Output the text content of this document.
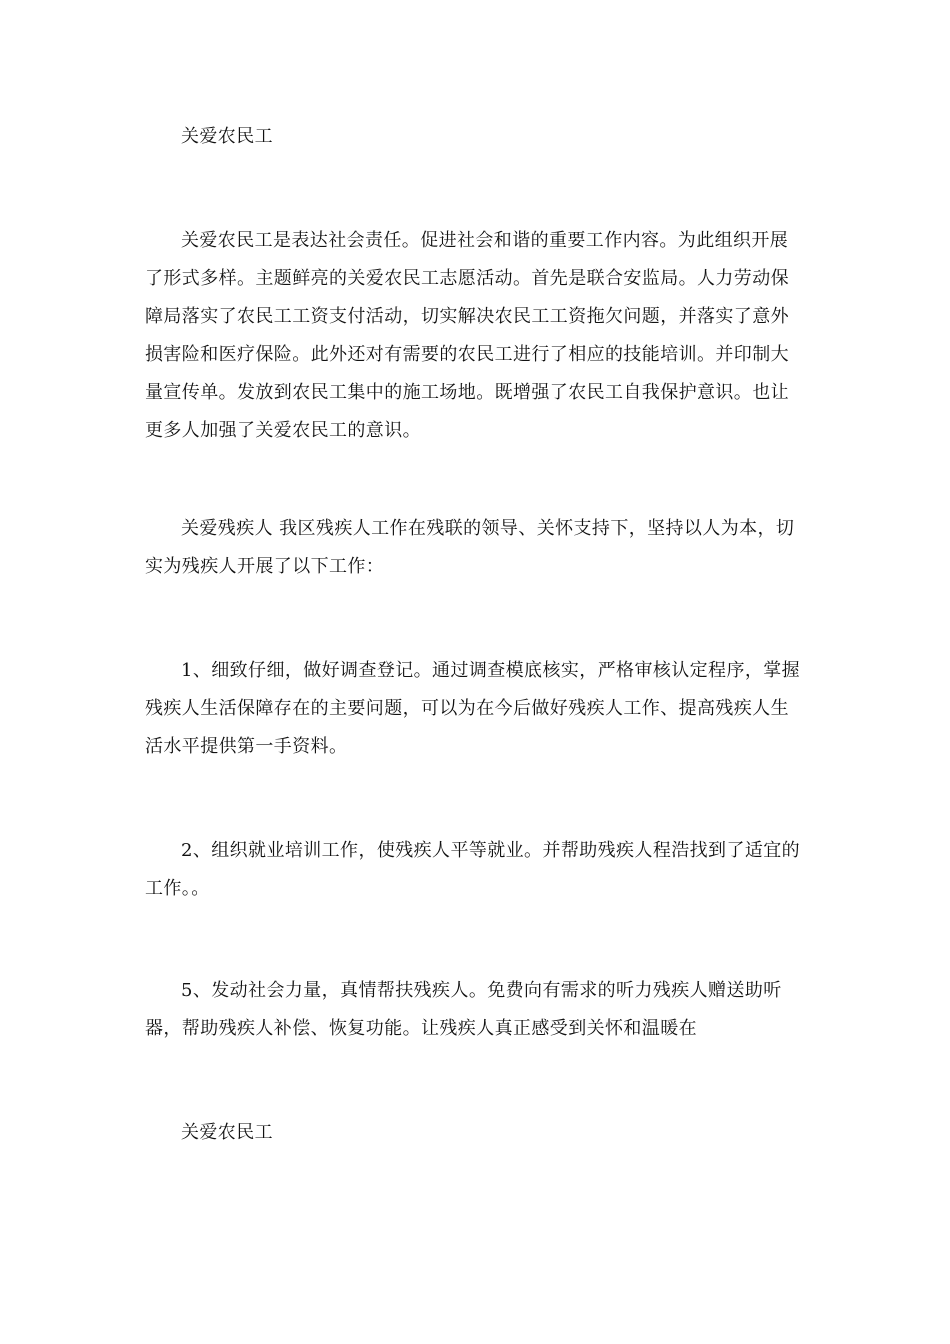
关爱农民工

关爱农民工是表达社会责任。促进社会和谐的重要工作内容。为此组织开展了形式多样。主题鲜亮的关爱农民工志愿活动。首先是联合安监局。人力劳动保障局落实了农民工工资支付活动，切实解决农民工工资拖欠问题，并落实了意外损害险和医疗保险。此外还对有需要的农民工进行了相应的技能培训。并印制大量宣传单。发放到农民工集中的施工场地。既增强了农民工自我保护意识。也让更多人加强了关爱农民工的意识。

关爱残疾人 我区残疾人工作在残联的领导、关怀支持下，坚持以人为本，切实为残疾人开展了以下工作：

1、细致仔细，做好调查登记。通过调查模底核实，严格审核认定程序，掌握残疾人生活保障存在的主要问题，可以为在今后做好残疾人工作、提高残疾人生活水平提供第一手资料。

2、组织就业培训工作，使残疾人平等就业。并帮助残疾人程浩找到了适宜的工作。。

5、发动社会力量，真情帮扶残疾人。免费向有需求的听力残疾人赠送助听器，帮助残疾人补偿、恢复功能。让残疾人真正感受到关怀和温暖在

关爱农民工
